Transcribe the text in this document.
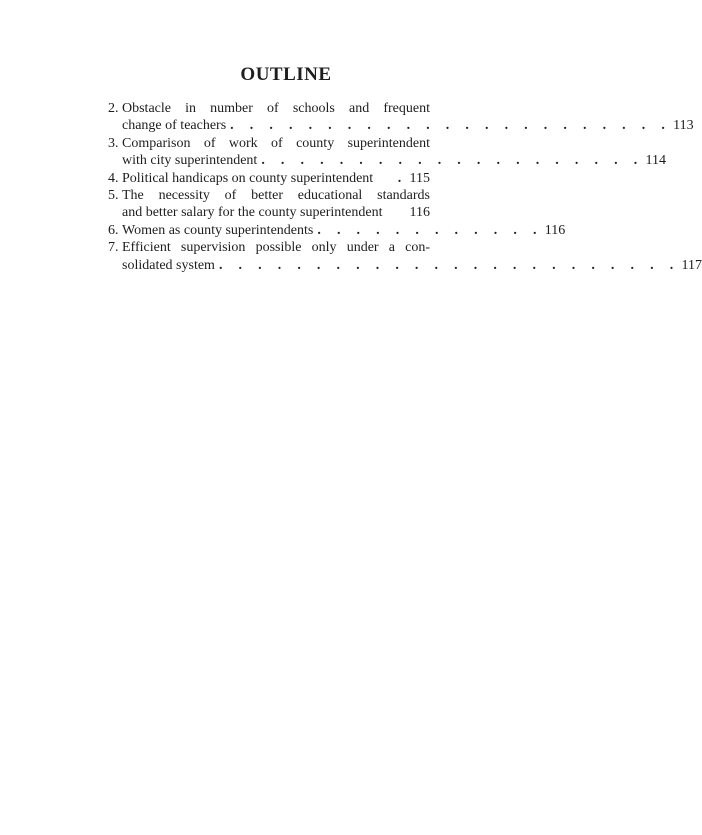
OUTLINE
2. Obstacle in number of schools and frequent
change of teachers . . . . . . . . . . . . . . . . . . . . . . . 113
3. Comparison of work of county superintendent
with city superintendent . . . . . . . . . . . . . . . . . . . . 114
4. Political handicaps on county superintendent	. 115
5. The necessity of better educational standards
and better salary for the county superintendent 116
6. Women as county superintendents . . . . . . . . . . . . 116
7. Efficient supervision possible only under a con-
solidated system . . . . . . . . . . . . . . . . . . . . . . . . 117
